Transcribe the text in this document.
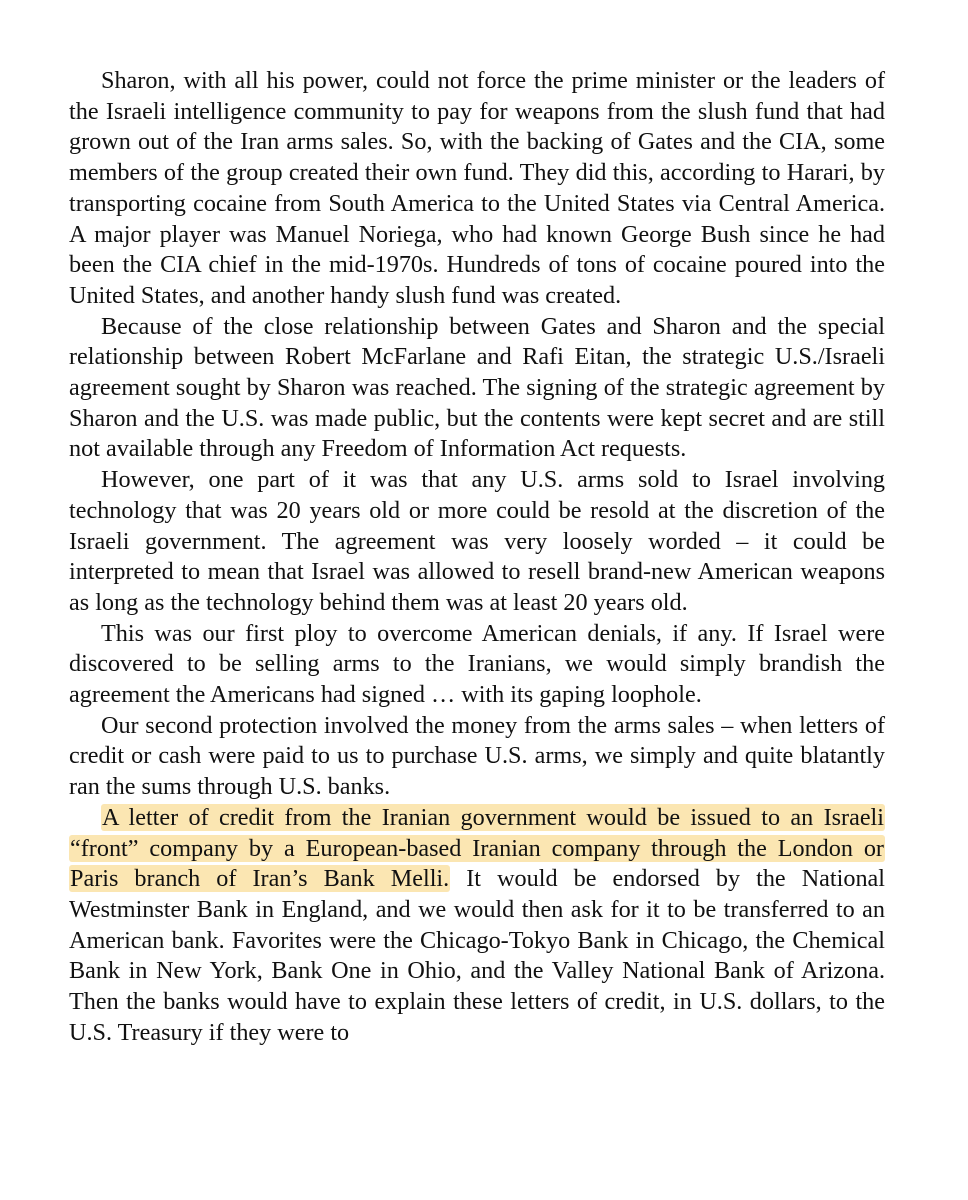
Sharon, with all his power, could not force the prime minister or the leaders of the Israeli intelligence community to pay for weapons from the slush fund that had grown out of the Iran arms sales. So, with the backing of Gates and the CIA, some members of the group created their own fund. They did this, according to Harari, by transporting cocaine from South America to the United States via Central America. A major player was Manuel Noriega, who had known George Bush since he had been the CIA chief in the mid-1970s. Hundreds of tons of cocaine poured into the United States, and another handy slush fund was created.

Because of the close relationship between Gates and Sharon and the special relationship between Robert McFarlane and Rafi Eitan, the strategic U.S./Israeli agreement sought by Sharon was reached. The signing of the strategic agreement by Sharon and the U.S. was made public, but the contents were kept secret and are still not available through any Freedom of Information Act requests.

However, one part of it was that any U.S. arms sold to Israel involving technology that was 20 years old or more could be resold at the discretion of the Israeli government. The agreement was very loosely worded – it could be interpreted to mean that Israel was allowed to resell brand-new American weapons as long as the technology behind them was at least 20 years old.

This was our first ploy to overcome American denials, if any. If Israel were discovered to be selling arms to the Iranians, we would simply brandish the agreement the Americans had signed … with its gaping loophole.

Our second protection involved the money from the arms sales – when letters of credit or cash were paid to us to purchase U.S. arms, we simply and quite blatantly ran the sums through U.S. banks.

A letter of credit from the Iranian government would be issued to an Israeli “front” company by a European-based Iranian company through the London or Paris branch of Iran’s Bank Melli. It would be endorsed by the National Westminster Bank in England, and we would then ask for it to be transferred to an American bank. Favorites were the Chicago-Tokyo Bank in Chicago, the Chemical Bank in New York, Bank One in Ohio, and the Valley National Bank of Arizona. Then the banks would have to explain these letters of credit, in U.S. dollars, to the U.S. Treasury if they were to
